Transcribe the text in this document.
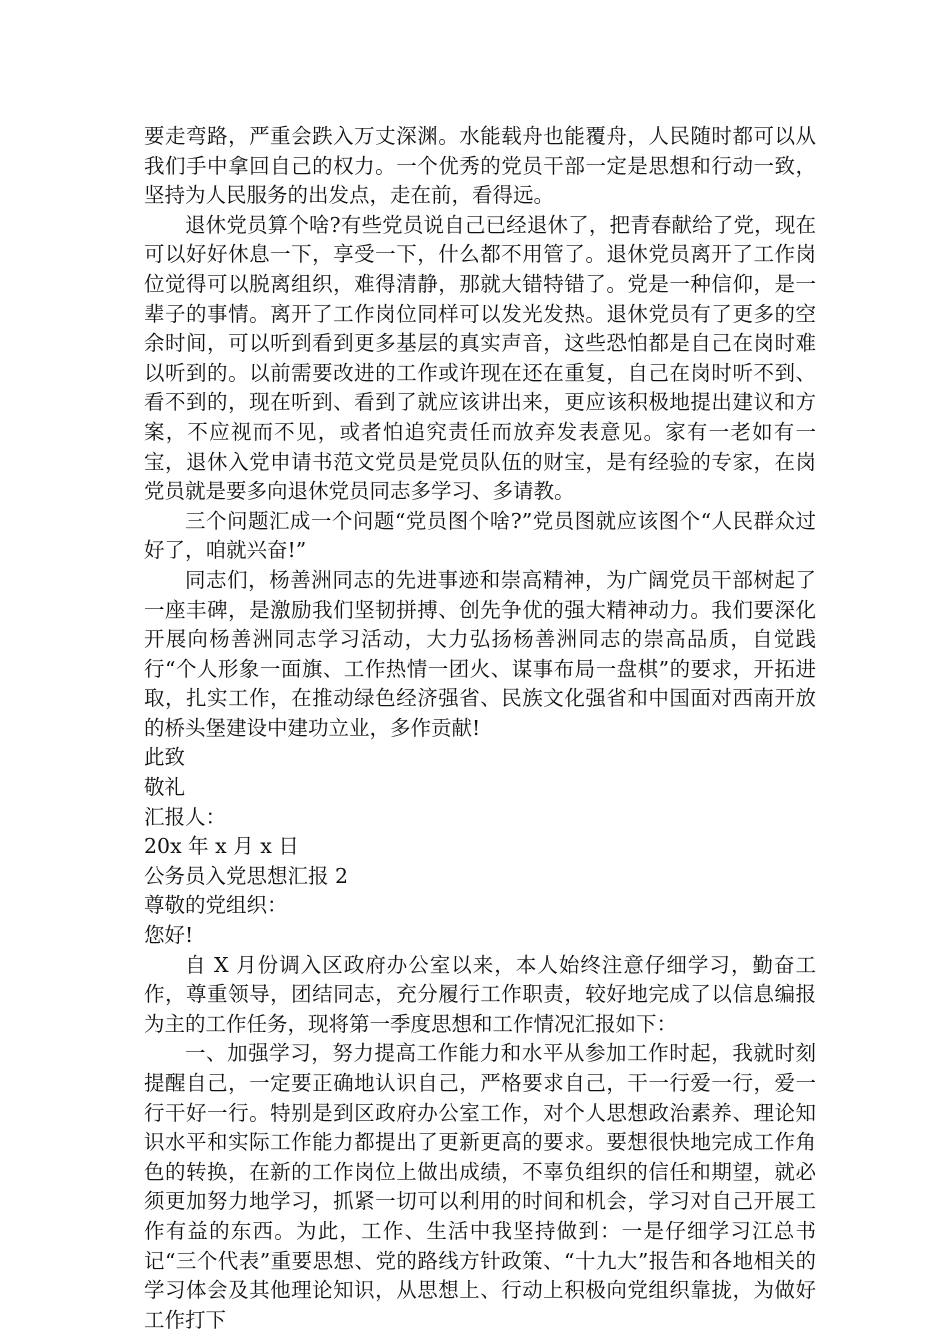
要走弯路，严重会跌入万丈深渊。水能载舟也能覆舟，人民随时都可以从我们手中拿回自己的权力。一个优秀的党员干部一定是思想和行动一致，坚持为人民服务的出发点，走在前，看得远。

退休党员算个啥?有些党员说自己已经退休了，把青春献给了党，现在可以好好休息一下，享受一下，什么都不用管了。退休党员离开了工作岗位觉得可以脱离组织，难得清静，那就大错特错了。党是一种信仰，是一辈子的事情。离开了工作岗位同样可以发光发热。退休党员有了更多的空余时间，可以听到看到更多基层的真实声音，这些恐怕都是自己在岗时难以听到的。以前需要改进的工作或许现在还在重复，自己在岗时听不到、看不到的，现在听到、看到了就应该讲出来，更应该积极地提出建议和方案，不应视而不见，或者怕追究责任而放弃发表意见。家有一老如有一宝，退休入党申请书范文党员是党员队伍的财宝，是有经验的专家，在岗党员就是要多向退休党员同志多学习、多请教。

三个问题汇成一个问题“党员图个啥?”党员图就应该图个“人民群众过好了，咱就兴奋!”

同志们，杨善洲同志的先进事迹和崇高精神，为广阔党员干部树起了一座丰碑，是激励我们坚韧拼搏、创先争优的强大精神动力。我们要深化开展向杨善洲同志学习活动，大力弘扬杨善洲同志的崇高品质，自觉践行“个人形象一面旗、工作热情一团火、谋事布局一盘棋”的要求，开拓进取，扎实工作，在推动绿色经济强省、民族文化强省和中国面对西南开放的桥头堡建设中建功立业，多作贡献!

此致

敬礼

汇报人：

20x 年 x 月 x 日

公务员入党思想汇报 2

尊敬的党组织：

您好!

自 X 月份调入区政府办公室以来，本人始终注意仔细学习，勤奋工作，尊重领导，团结同志，充分履行工作职责，较好地完成了以信息编报为主的工作任务，现将第一季度思想和工作情况汇报如下：

一、加强学习，努力提高工作能力和水平从参加工作时起，我就时刻提醒自己，一定要正确地认识自己，严格要求自己，干一行爱一行，爱一行干好一行。特别是到区政府办公室工作，对个人思想政治素养、理论知识水平和实际工作能力都提出了更新更高的要求。要想很快地完成工作角色的转换，在新的工作岗位上做出成绩，不辜负组织的信任和期望，就必须更加努力地学习，抓紧一切可以利用的时间和机会，学习对自己开展工作有益的东西。为此，工作、生活中我坚持做到：一是仔细学习江总书记“三个代表”重要思想、党的路线方针政策、“十九大”报告和各地相关的学习体会及其他理论知识，从思想上、行动上积极向党组织靠拢，为做好工作打下
